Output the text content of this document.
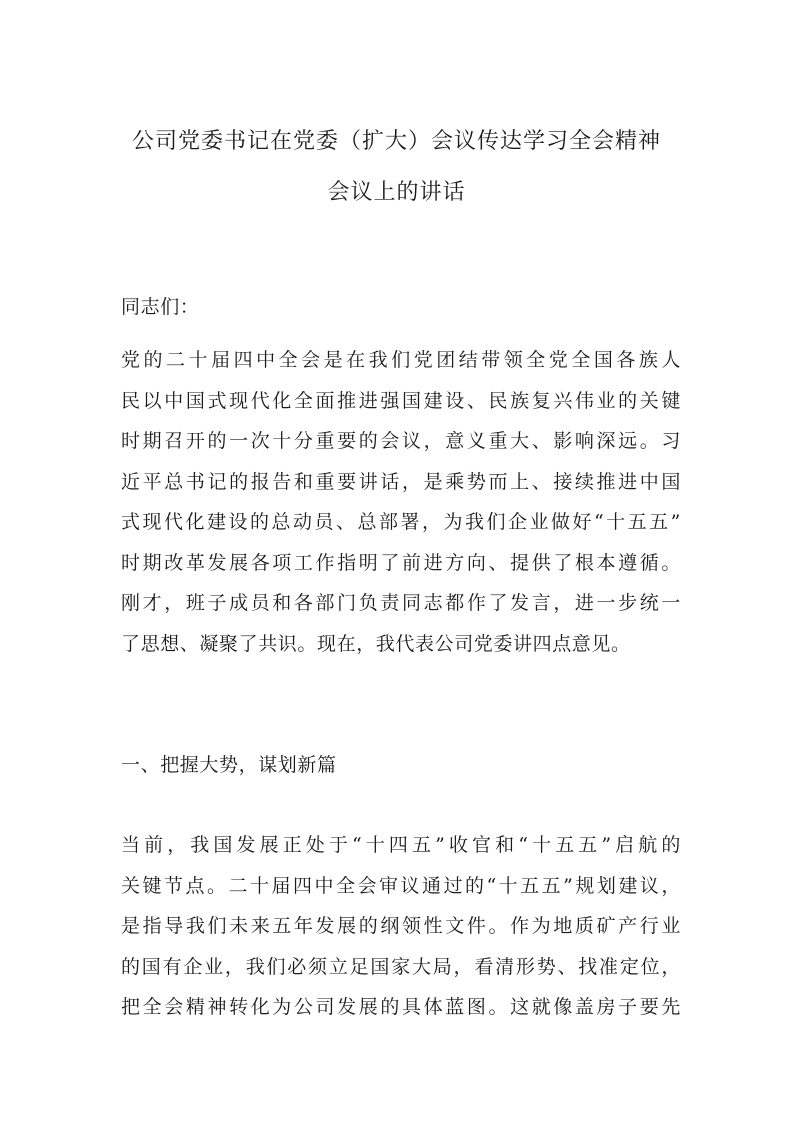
公司党委书记在党委（扩大）会议传达学习全会精神
会议上的讲话
同志们：
党的二十届四中全会是在我们党团结带领全党全国各族人
民以中国式现代化全面推进强国建设、民族复兴伟业的关键
时期召开的一次十分重要的会议，意义重大、影响深远。习
近平总书记的报告和重要讲话，是乘势而上、接续推进中国
式现代化建设的总动员、总部署，为我们企业做好“十五五”
时期改革发展各项工作指明了前进方向、提供了根本遵循。
刚才，班子成员和各部门负责同志都作了发言，进一步统一
了思想、凝聚了共识。现在，我代表公司党委讲四点意见。
一、把握大势，谋划新篇
当前，我国发展正处于“十四五”收官和“十五五”启航的
关键节点。二十届四中全会审议通过的“十五五”规划建议，
是指导我们未来五年发展的纲领性文件。作为地质矿产行业
的国有企业，我们必须立足国家大局，看清形势、找准定位，
把全会精神转化为公司发展的具体蓝图。这就像盖房子要先
